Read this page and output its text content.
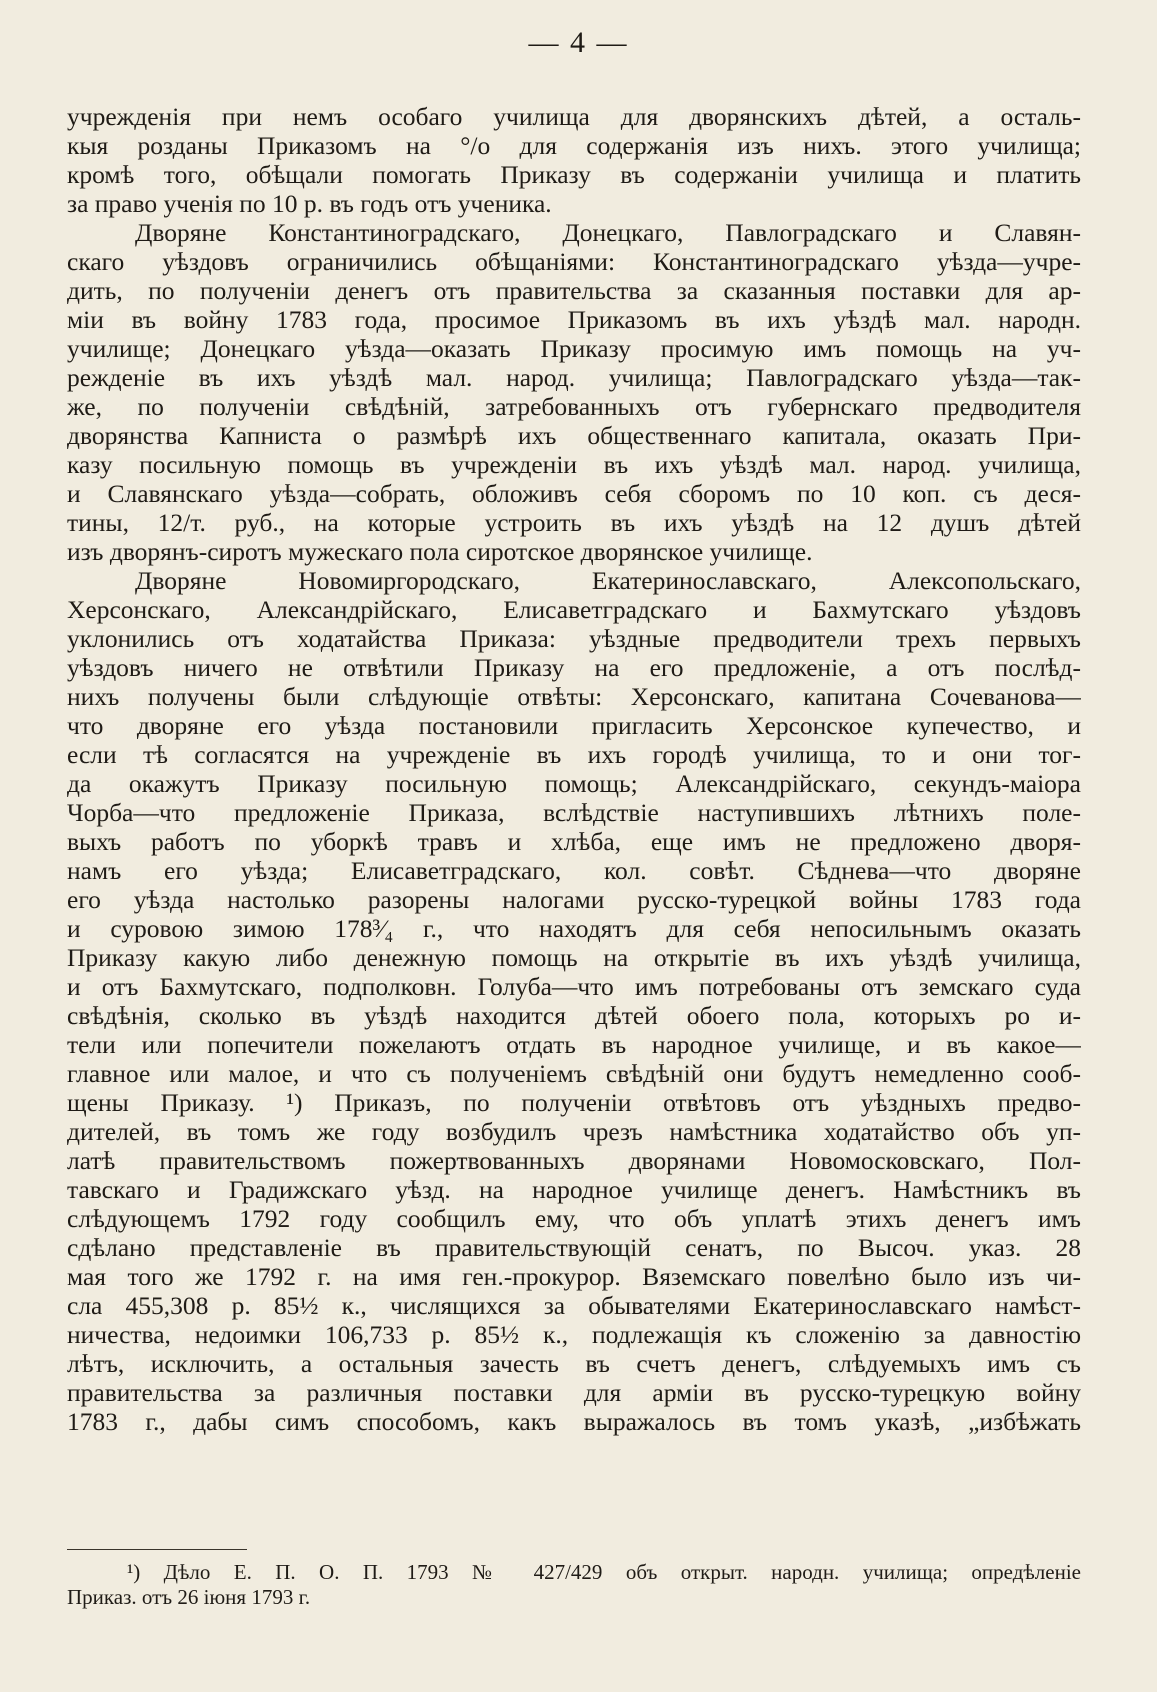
— 4 —
учрежденія при немъ особаго училища для дворянскихъ дѣтей, а осталь-
кыя розданы Приказомъ на °/о для содержанія изъ нихъ. этого училища;
кромѣ того, обѣщали помогать Приказу въ содержаніи училища и платить
за право ученія по 10 р. въ годъ отъ ученика.
Дворяне Константиноградскаго, Донецкаго, Павлоградскаго и Славян-
скаго уѣздовъ ограничились обѣщаніями: Константиноградскаго уѣзда—учре-
дить, по полученіи денегъ отъ правительства за сказанныя поставки для ар-
міи въ войну 1783 года, просимое Приказомъ въ ихъ уѣздѣ мал. народн.
училище; Донецкаго уѣзда—оказать Приказу просимую имъ помощь на уч-
режденіе въ ихъ уѣздѣ мал. народ. училища; Павлоградскаго уѣзда—так-
же, по полученіи свѣдѣній, затребованныхъ отъ губернскаго предводителя
дворянства Капниста о размѣрѣ ихъ общественнаго капитала, оказать При-
казу посильную помощь въ учрежденіи въ ихъ уѣздѣ мал. народ. училища,
и Славянскаго уѣзда—собрать, обложивъ себя сборомъ по 10 коп. съ деся-
тины, 12/т. руб., на которые устроить въ ихъ уѣздѣ на 12 душъ дѣтей
изъ дворянъ-сиротъ мужескаго пола сиротское дворянское училище.
Дворяне Новомиргородскаго, Екатеринославскаго, Алексопольскаго,
Херсонскаго, Александрійскаго, Елисаветградскаго и Бахмутскаго уѣздовъ
уклонились отъ ходатайства Приказа: уѣздные предводители трехъ первыхъ
уѣздовъ ничего не отвѣтили Приказу на его предложеніе, а отъ послѣд-
нихъ получены были слѣдующіе отвѣты: Херсонскаго, капитана Сочеванова—
что дворяне его уѣзда постановили пригласить Херсонское купечество, и
если тѣ согласятся на учрежденіе въ ихъ городѣ училища, то и они тог-
да окажутъ Приказу посильную помощь; Александрійскаго, секундъ-маіора
Чорба—что предложеніе Приказа, вслѣдствіе наступившихъ лѣтнихъ поле-
выхъ работъ по уборкѣ травъ и хлѣба, еще имъ не предложено дворя-
намъ его уѣзда; Елисаветградскаго, кол. совѣт. Сѣднева—что дворяне
его уѣзда настолько разорены налогами русско-турецкой войны 1783 года
и суровою зимою 178³⁄₄ г., что находятъ для себя непосильнымъ оказать
Приказу какую либо денежную помощь на открытіе въ ихъ уѣздѣ училища,
и отъ Бахмутскаго, подполковн. Голуба—что имъ потребованы отъ земскаго суда
свѣдѣнія, сколько въ уѣздѣ находится дѣтей обоего пола, которыхъ ро и-
тели или попечители пожелаютъ отдать въ народное училище, и въ какое—
главное или малое, и что съ полученіемъ свѣдѣній они будутъ немедленно сооб-
щены Приказу. ¹) Приказъ, по полученіи отвѣтовъ отъ уѣздныхъ предво-
дителей, въ томъ же году возбудилъ чрезъ намѣстника ходатайство объ уп-
латѣ правительствомъ пожертвованныхъ дворянами Новомосковскаго, Пол-
тавскаго и Градижскаго уѣзд. на народное училище денегъ. Намѣстникъ въ
слѣдующемъ 1792 году сообщилъ ему, что объ уплатѣ этихъ денегъ имъ
сдѣлано представленіе въ правительствующій сенатъ, по Высоч. указ. 28
мая того же 1792 г. на имя ген.-прокурор. Вяземскаго повелѣно было изъ чи-
сла 455,308 р. 85½ к., числящихся за обывателями Екатеринославскаго намѣст-
ничества, недоимки 106,733 р. 85½ к., подлежащія къ сложенію за давностію
лѣтъ, исключить, а остальныя зачесть въ счетъ денегъ, слѣдуемыхъ имъ съ
правительства за различныя поставки для арміи въ русско-турецкую войну
1783 г., дабы симъ способомъ, какъ выражалось въ томъ указѣ, „избѣжать
¹) Дѣло Е. П. О. П. 1793 № 427/429 объ открыт. народн. училища; опредѣленіе
Приказ. отъ 26 іюня 1793 г.
